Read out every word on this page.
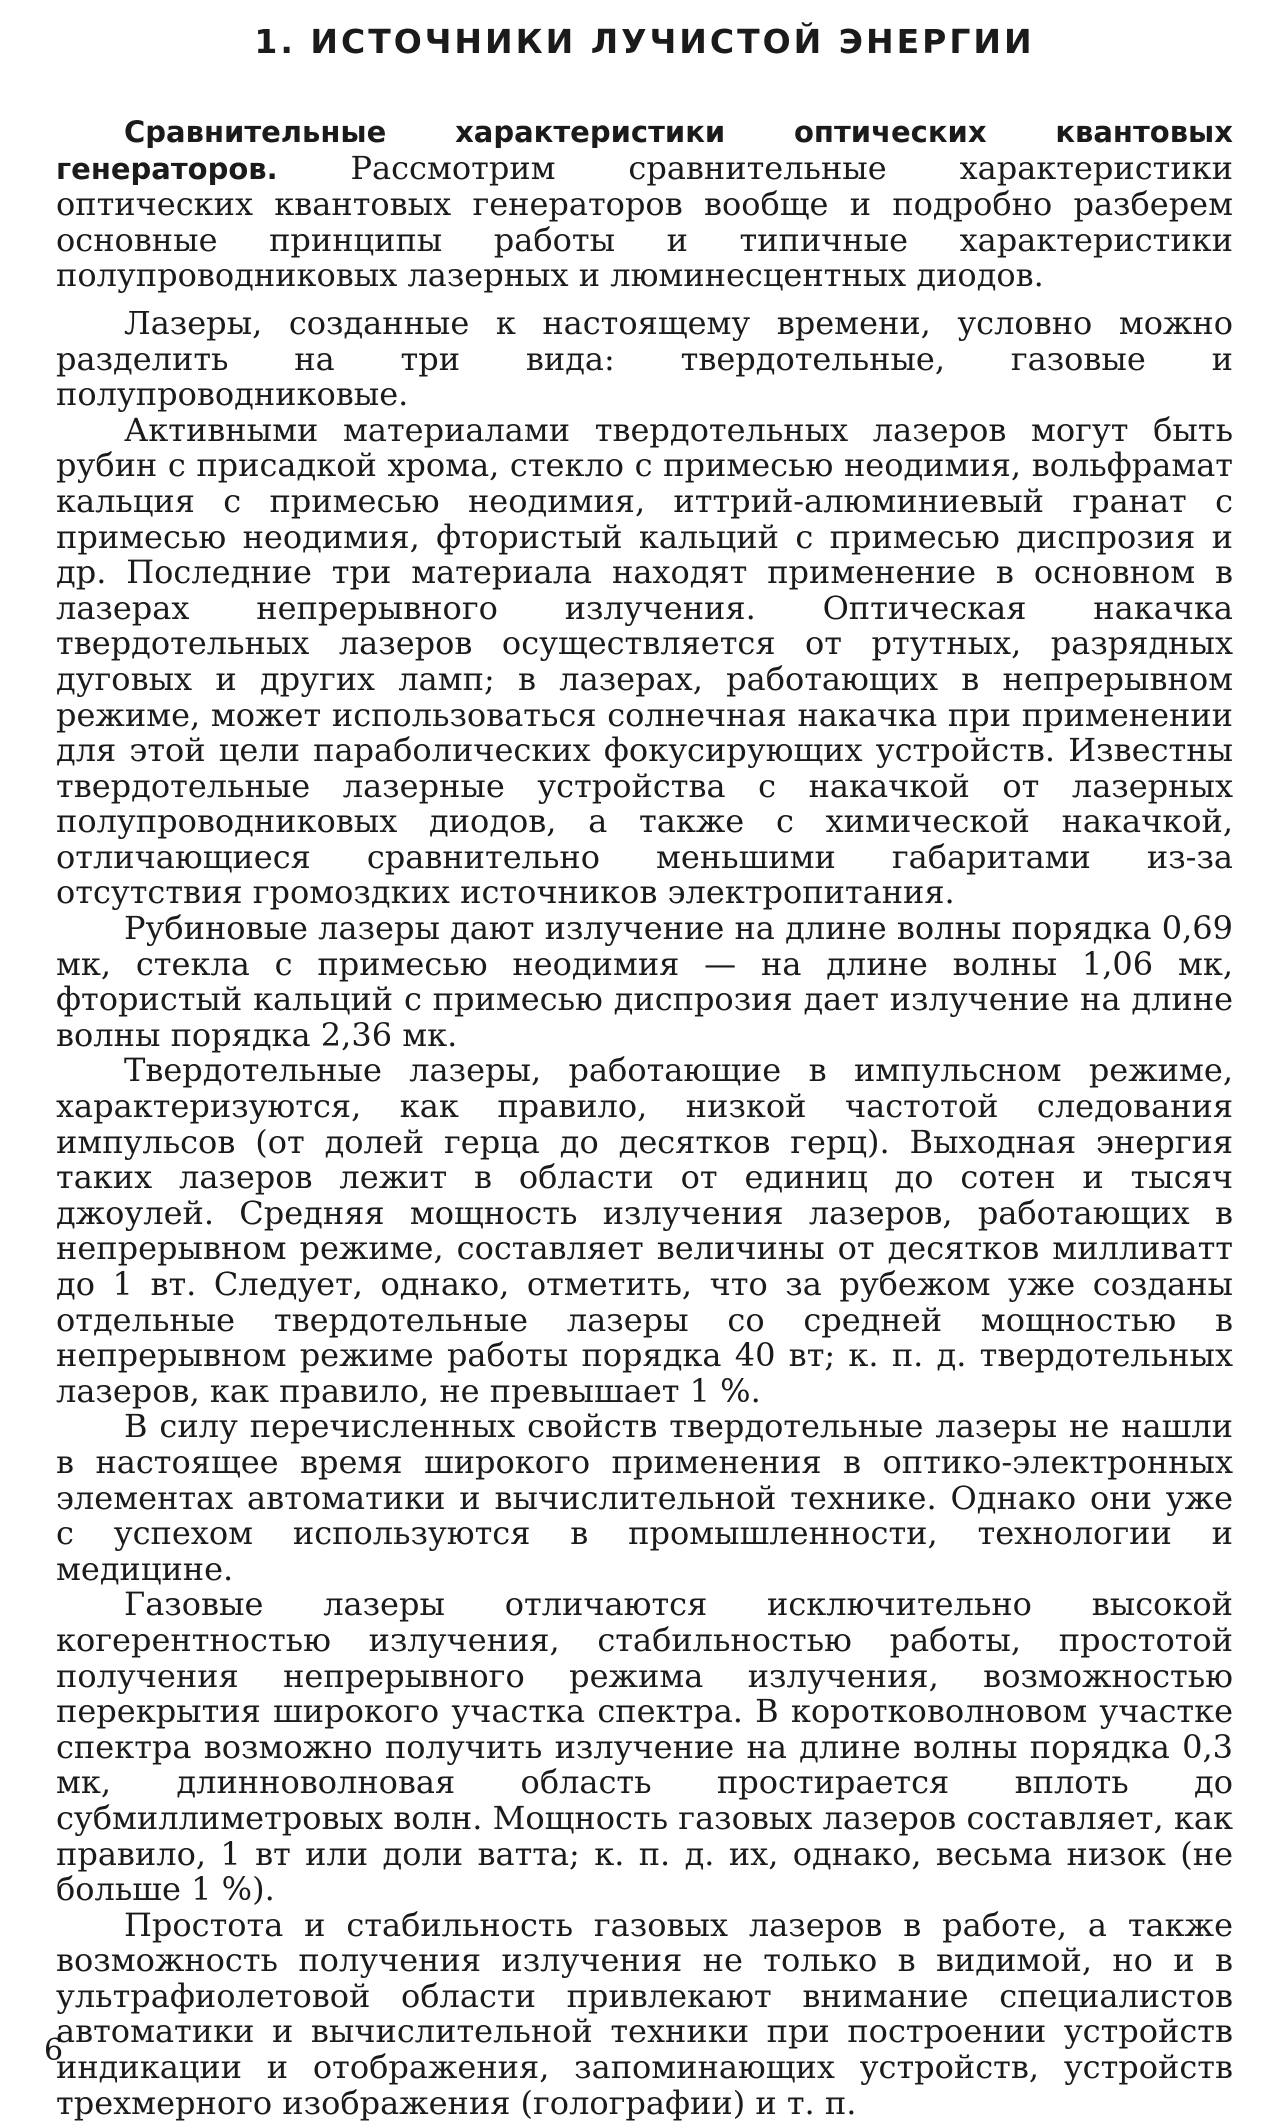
1. ИСТОЧНИКИ ЛУЧИСТОЙ ЭНЕРГИИ

Сравнительные характеристики оптических квантовых генераторов. Рассмотрим сравнительные характеристики оптических квантовых генераторов вообще и подробно разберем основные принципы работы и типичные характеристики полупроводниковых лазерных и люминесцентных диодов.

Лазеры, созданные к настоящему времени, условно можно разделить на три вида: твердотельные, газовые и полупроводниковые.

Активными материалами твердотельных лазеров могут быть рубин с присадкой хрома, стекло с примесью неодимия, вольфрамат кальция с примесью неодимия, иттрий-алюминиевый гранат с примесью неодимия, фтористый кальций с примесью диспрозия и др. Последние три материала находят применение в основном в лазерах непрерывного излучения. Оптическая накачка твердотельных лазеров осуществляется от ртутных, разрядных дуговых и других ламп; в лазерах, работающих в непрерывном режиме, может использоваться солнечная накачка при применении для этой цели параболических фокусирующих устройств. Известны твердотельные лазерные устройства с накачкой от лазерных полупроводниковых диодов, а также с химической накачкой, отличающиеся сравнительно меньшими габаритами из-за отсутствия громоздких источников электропитания.

Рубиновые лазеры дают излучение на длине волны порядка 0,69 мк, стекла с примесью неодимия — на длине волны 1,06 мк, фтористый кальций с примесью диспрозия дает излучение на длине волны порядка 2,36 мк.

Твердотельные лазеры, работающие в импульсном режиме, характеризуются, как правило, низкой частотой следования импульсов (от долей герца до десятков герц). Выходная энергия таких лазеров лежит в области от единиц до сотен и тысяч джоулей. Средняя мощность излучения лазеров, работающих в непрерывном режиме, составляет величины от десятков милливатт до 1 вт. Следует, однако, отметить, что за рубежом уже созданы отдельные твердотельные лазеры со средней мощностью в непрерывном режиме работы порядка 40 вт; к. п. д. твердотельных лазеров, как правило, не превышает 1 %.

В силу перечисленных свойств твердотельные лазеры не нашли в настоящее время широкого применения в оптико-электронных элементах автоматики и вычислительной технике. Однако они уже с успехом используются в промышленности, технологии и медицине.

Газовые лазеры отличаются исключительно высокой когерентностью излучения, стабильностью работы, простотой получения непрерывного режима излучения, возможностью перекрытия широкого участка спектра. В коротковолновом участке спектра возможно получить излучение на длине волны порядка 0,3 мк, длинноволновая область простирается вплоть до субмиллиметровых волн. Мощность газовых лазеров составляет, как правило, 1 вт или доли ватта; к. п. д. их, однако, весьма низок (не больше 1 %).

Простота и стабильность газовых лазеров в работе, а также возможность получения излучения не только в видимой, но и в ультрафиолетовой области привлекают внимание специалистов автоматики и вычислительной техники при построении устройств индикации и отображения, запоминающих устройств, устройств трехмерного изображения (голографии) и т. п.

6
